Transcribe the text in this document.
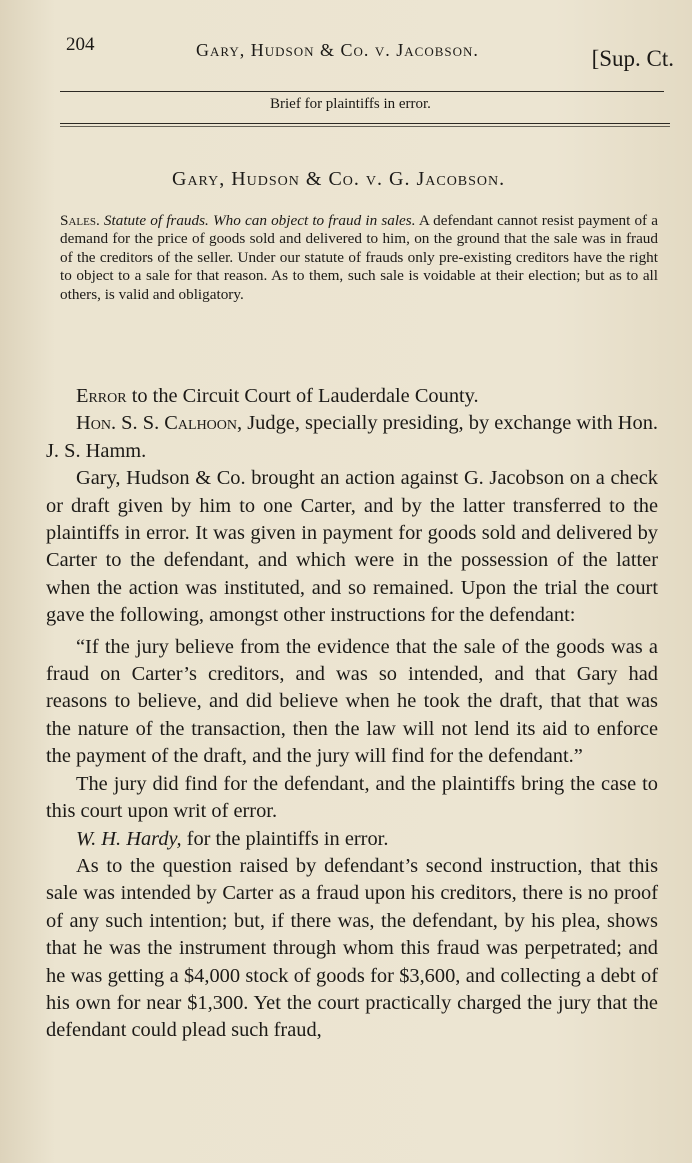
204	Gary, Hudson & Co. v. Jacobson.	[Sup. Ct.
Brief for plaintiffs in error.
Gary, Hudson & Co. v. G. Jacobson.
Sales. Statute of frauds. Who can object to fraud in sales. A defendant cannot resist payment of a demand for the price of goods sold and delivered to him, on the ground that the sale was in fraud of the creditors of the seller. Under our statute of frauds only pre-existing creditors have the right to object to a sale for that reason. As to them, such sale is voidable at their election; but as to all others, is valid and obligatory.

Error to the Circuit Court of Lauderdale County.

Hon. S. S. Calhoon, Judge, specially presiding, by exchange with Hon. J. S. Hamm.

Gary, Hudson & Co. brought an action against G. Jacobson on a check or draft given by him to one Carter, and by the latter transferred to the plaintiffs in error. It was given in payment for goods sold and delivered by Carter to the defendant, and which were in the possession of the latter when the action was instituted, and so remained. Upon the trial the court gave the following, amongst other instructions for the defendant:

“If the jury believe from the evidence that the sale of the goods was a fraud on Carter’s creditors, and was so intended, and that Gary had reasons to believe, and did believe when he took the draft, that that was the nature of the transaction, then the law will not lend its aid to enforce the payment of the draft, and the jury will find for the defendant.”

The jury did find for the defendant, and the plaintiffs bring the case to this court upon writ of error.

W. H. Hardy, for the plaintiffs in error.

As to the question raised by defendant’s second instruction, that this sale was intended by Carter as a fraud upon his creditors, there is no proof of any such intention; but, if there was, the defendant, by his plea, shows that he was the instrument through whom this fraud was perpetrated; and he was getting a $4,000 stock of goods for $3,600, and collecting a debt of his own for near $1,300. Yet the court practically charged the jury that the defendant could plead such fraud,
